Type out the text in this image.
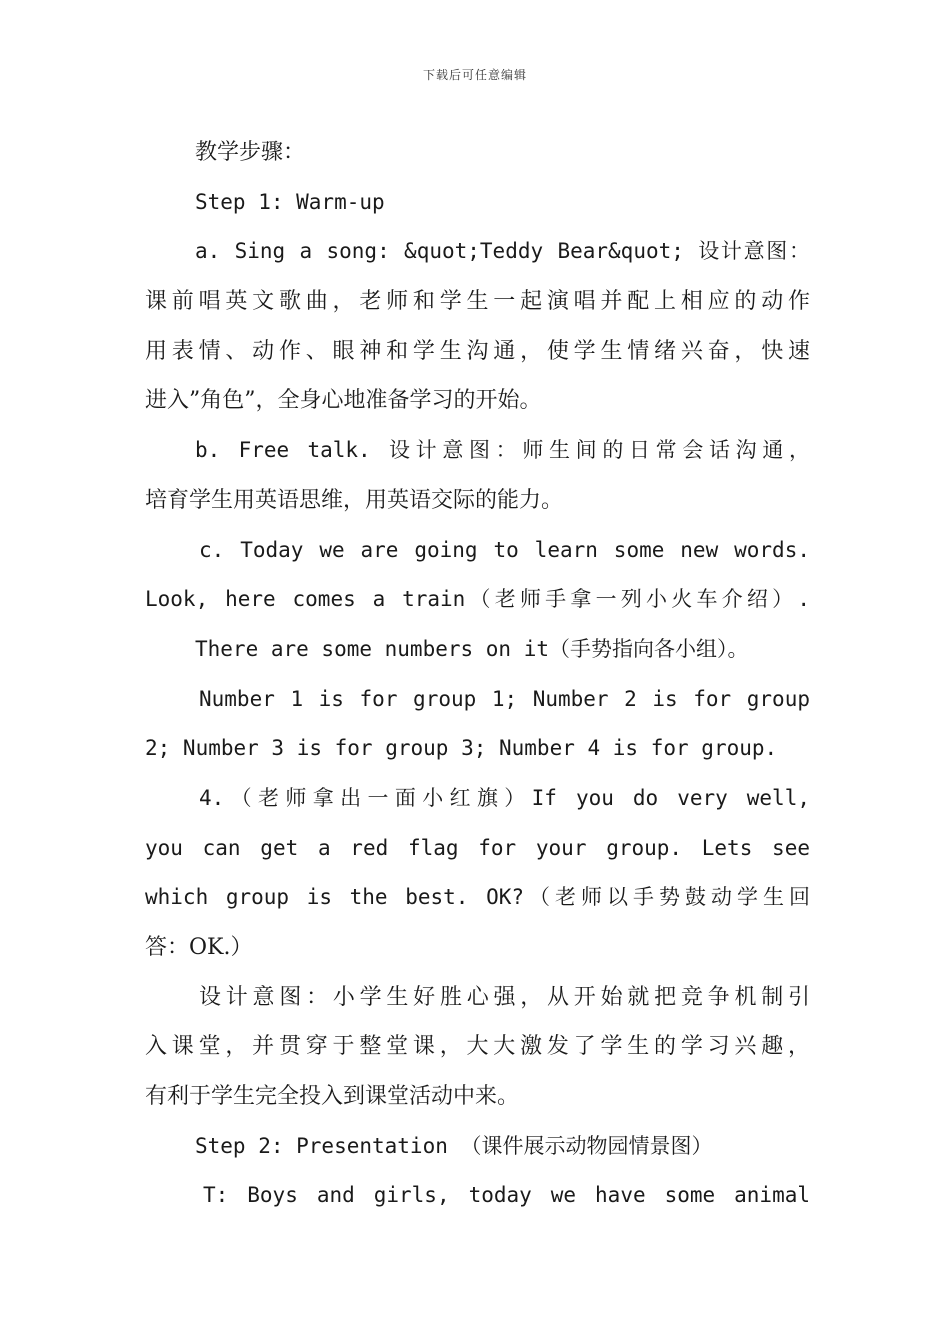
下载后可任意编辑
教学步骤：
Step 1: Warm-up
a. Sing a song: &quot;Teddy Bear&quot; 设计意图：
课前唱英文歌曲，老师和学生一起演唱并配上相应的动作
用表情、动作、眼神和学生沟通，使学生情绪兴奋，快速
进入”角色”，全身心地准备学习的开始。
b. Free talk. 设计意图：师生间的日常会话沟通，
培育学生用英语思维，用英语交际的能力。
c. Today we are going to learn some new words.
Look, here comes a train（老师手拿一列小火车介绍）.
There are some numbers on it（手势指向各小组）。
Number 1 is for group 1; Number 2 is for group
2; Number 3 is for group 3; Number 4 is for group.
4.（老师拿出一面小红旗）If you do very well,
you can get a red flag for your group. Lets see
which group is the best. OK?（老师以手势鼓动学生回
答：OK.）
设计意图：小学生好胜心强，从开始就把竞争机制引
入课堂，并贯穿于整堂课，大大激发了学生的学习兴趣，
有利于学生完全投入到课堂活动中来。
Step 2: Presentation （课件展示动物园情景图）
T: Boys and girls, today we have some animal
